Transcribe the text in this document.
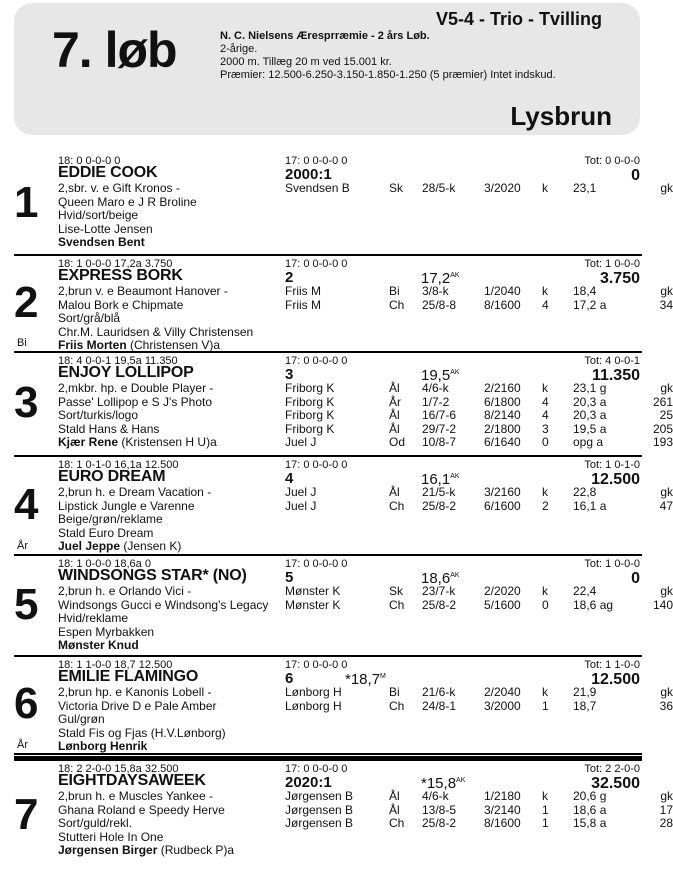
7. løb
V5-4 - Trio - Tvilling
N. C. Nielsens Æresprræmie - 2 års Løb.
2-årige.
2000 m. Tillæg 20 m ved 15.001 kr.
Præmier: 12.500-6.250-3.150-1.850-1.250 (5 præmier) Intet indskud.
Lysbrun
1
18: 0 0-0-0 0
EDDIE COOK
2,sbr. v. e Gift Kronos -
Queen Maro e J R Broline
Hvid/sort/beige
Lise-Lotte Jensen
Svendsen Bent
17: 0 0-0-0 0
2000:1
Tot: 0 0-0-0
0
Svendsen B	Sk	28/5-k	3/2020	k	23,1	gk
2
Bi
18: 1 0-0-0 17,2a 3.750
EXPRESS BORK
2,brun v. e Beaumont Hanover -
Malou Bork e Chipmate
Sort/grå/blå
Chr.M. Lauridsen & Villy Christensen
Friis Morten (Christensen V)a
17: 0 0-0-0 0
2
Tot: 1 0-0-0
3.750
$17,2^{AK}$
Friis M	Bi	3/8-k	1/2040	k	18,4	gk
Friis M	Ch	25/8-8	8/1600	4	17,2 a	34
3
18: 4 0-0-1 19,5a 11.350
ENJOY LOLLIPOP
2,mkbr. hp. e Double Player -
Passe' Lollipop e S J's Photo
Sort/turkis/logo
Stald Hans & Hans
Kjær Rene (Kristensen H U)a
17: 0 0-0-0 0
3
Tot: 4 0-0-1
11.350
$19,5^{AK}$
Friborg K	Ål	4/6-k	2/2160	k	23,1 g	gk
Friborg K	År	1/7-2	6/1800	4	20,3 a	261
Friborg K	Ål	16/7-6	8/2140	4	20,3 a	25
Friborg K	Ål	29/7-2	2/1800	3	19,5 a	205
Juel J	Od	10/8-7	6/1640	0	opg a	193
4
År
18: 1 0-1-0 16,1a 12.500
EURO DREAM
2,brun h. e Dream Vacation -
Lipstick Jungle e Varenne
Beige/grøn/reklame
Stald Euro Dream
Juel Jeppe (Jensen K)
17: 0 0-0-0 0
4
Tot: 1 0-1-0
12.500
$16,1^{AK}$
Juel J	Ål	21/5-k	3/2160	k	22,8	gk
Juel J	Ch	25/8-2	6/1600	2	16,1 a	47
5
18: 1 0-0-0 18,6a 0
WINDSONGS STAR* (NO)
2,brun h. e Orlando Vici -
Windsongs Gucci e Windsong's Legacy
Hvid/reklame
Espen Myrbakken
Mønster Knud
17: 0 0-0-0 0
5
Tot: 1 0-0-0
0
$18,6^{AK}$
Mønster K	Sk	23/7-k	2/2020	k	22,4	gk
Mønster K	Ch	25/8-2	5/1600	0	18,6 ag	140
6
År
18: 1 1-0-0 18,7 12.500
EMILIE FLAMINGO
2,brun hp. e Kanonis Lobell -
Victoria Drive D e Pale Amber
Gul/grøn
Stald Fis og Fjas (H.V.Lønborg)
Lønborg Henrik
17: 0 0-0-0 0
6
Tot: 1 1-0-0
12.500
$*18,7^M$
Lønborg H	Bi	21/6-k	2/2040	k	21,9	gk
Lønborg H	Ch	24/8-1	3/2000	1	18,7	36
7
18: 2 2-0-0 15,8a 32.500
EIGHTDAYSAWEEK
2,brun h. e Muscles Yankee -
Ghana Roland e Speedy Herve
Sort/guld/rekl.
Stutteri Hole In One
Jørgensen Birger (Rudbeck P)a
17: 0 0-0-0 0
2020:1
Tot: 2 2-0-0
32.500
$*15,8^{AK}$
Jørgensen B	Ål	4/6-k	1/2180	k	20,6 g	gk
Jørgensen B	Ål	13/8-5	3/2140	1	18,6 a	17
Jørgensen B	Ch	25/8-2	8/1600	1	15,8 a	28
